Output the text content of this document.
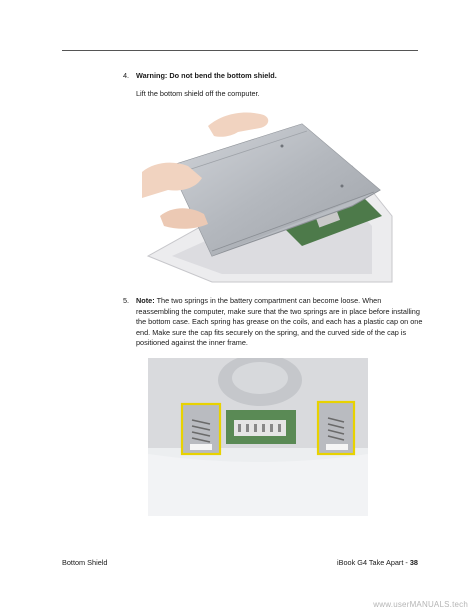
4. Warning: Do not bend the bottom shield.
Lift the bottom shield off the computer.
5. Note: The two springs in the battery compartment can become loose. When reassembling the computer, make sure that the two springs are in place before installing the bottom case. Each spring has grease on the coils, and each has a plastic cap on one end. Make sure the cap fits securely on the spring, and the curved side of the cap is positioned against the inner frame.
Bottom Shield	iBook G4 Take Apart - 38
www.userMANUALS.tech
